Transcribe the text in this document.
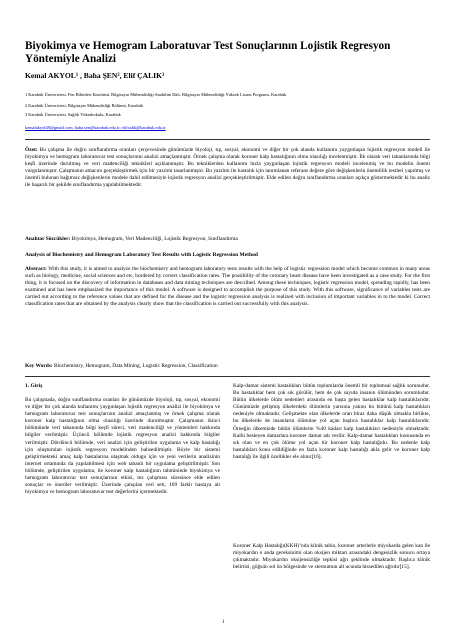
Biyokimya ve Hemogram Laboratuvar Test Sonuçlarının Lojistik Regresyon Yöntemiyle Analizi
Kemal AKYOL¹ , Baha ŞEN², Elif ÇALIK³
1 Karabük Üniversitesi, Fen Bilimleri Enstitüsü, Bilgisayar Mühendisliği Anabilim Dalı, Bilgisayar Mühendisliği Yüksek Lisans Programı, Karabük
2 Karabük Üniversitesi, Bilgisayar Mühendisliği Bölümü, Karabük
3 Karabük Üniversitesi, Sağlık Yüksekokulu, Karabük
kemalakyol48@gmail.com; baha.sen@karabuk.edu.tr; elifcalik@karabuk.edu.tr
Özet: Bu çalışma ile doğru sınıflandırma oranları çerçevesinde günümüzde biyoloji, tıp, sosyal, ekonomi ve diğer bir çok alanda kullanımı yaygınlaşan lojistik regresyon modeli ile biyokimya ve hemogram laboratuvar test sonuçlarının analizi amaçlanmıştır. Örnek çalışma olarak koroner kalp hastalığının olma olasılığı incelenmiştir. İlk olarak veri tabanlarında bilgi keşfi üzerinde durulmuş ve veri madenciliği teknikleri açıklanmıştır. Bu tekniklerden kullanımı hızla yaygınlaşan lojistik regresyon modeli incelenmiş ve bu modelin önemi vurgulanmıştır. Çalışmanın amacını gerçekleştirmek için bir yazılım tasarlanmıştır. Bu yazılım ile hastalık için tanımlanan referans değere göre değişkenlerin önemlilik testleri yapılmış ve önemli bulunan bağımsız değişkenlerin modele dahil edilmesiyle lojistik regresyon analizi gerçekleştirilmiştir. Elde edilen doğru sınıflandırma oranları açıkça göstermektedir ki bu analiz ile başarılı bir şekilde sınıflandırma yapılabilmektedir.
Anahtar Sözcükler: Biyokimya, Hemogram, Veri Madenciliği, Lojistik Regresyon, Sınıflandırma
Analysis of Biochemistry and Hemogram Laboratory Test Results with Logistic Regression Method
Abstract: With this study, it is aimed to analyze the biochemistry and hemogram laboratory tests results with the help of logistic regression model which become common in many areas such as biology, medicine, social sciences and etc, bordered by correct classification rates. The possibility of the coronary heart disease have been investigated as a case study. For the first thing, it is focused on the discovery of information in databases and data mining techniques are described. Among these techniques, logistic regression model, spreading rapidly, has been examined and has been emphasized the importance of this model. A software is designed to accomplish the purpose of this study. With this software, significance of variables tests are carried out according to the reference values that are defined for the disease and the logistic regression analysis is realized with inclusion of important variables in to the model. Correct classification rates that are obtained by the analysis clearly show that the classification is carried out successfully with this analysis.
Key Words: Biochemistry, Hemogram, Data Mining, Logistic Regression, Classification
1. Giriş
Bu çalışmada, doğru sınıflandırma oranları ile günümüzde biyoloji, tıp, sosyal, ekonomi ve diğer bir çok alanda kullanımı yaygınlaşan lojistik regresyon analizi ile biyokimya ve hemogram laboratuvar test sonuçlarının analizi amaçlanmış ve örnek çalışma olarak koroner kalp hastalığının olma olasılığı üzerinde durulmuştur. Çalışmanın ikinci bölümünde veri tabanında bilgi keşfi süreci, veri madenciliği ve yöntemleri hakkında bilgiler verilmiştir. Üçüncü bölümde lojistik regresyon analizi hakkında bilgiler verilmiştir. Dördüncü bölümde, veri analizi için geliştirilen uygulama ve kalp hastalığı için oluşturulan lojistik regresyon modelinden bahsedilmiştir. Böyle bir sistemi geliştirmekteki amaç kalp hastalarına ulaşmak oldugu için ve yeni verilerin analizinin internet ortamında da yapılabilmesi için web tabanlı bir uygulama geliştirilmiştir. Son bölümde, geliştirilen uygulama, ile koroner kalp hastalığının tahmininde biyokimya ve hemogram laboratuvar test sonuçlarının etkisi, tez çalışması süresince elde edilen sonuçlar ve öneriler verilmiştir. Üzerinde çalışılan veri seti, 169 farklı hastaya ait biyokimya ve hemogram laboratuvar test değerlerini içermektedir.
Kalp-damar sistemi hastalıkları bütün toplumlarda önemli bir toplumsal sağlık sorunudur. Bu hastalıklar hem çok sık görülür, hem de çok sayıda insanın ölümünden sorumludur. Bütün ülkelerde ölüm nedenleri arasında en başta gelen hastalıklar kalp hastalıklarıdır. Günümüzde gelişmiş ülkelerdeki ölümlerin yarısına yakını bu bütünü kalp hastalıkları nedeniyle olmaktadır. Gelişmekte olan ülkelerde oran biraz daha düşük olmakla birlikte, bu ülkelerde de insanların ölümüne yol açan başlıca hastalıklar kalp hastalıklarıdır. Örneğin ülkemizde bütün ölümlerin %40 kadarı kalp hastalıkları nedeniyle olmaktadır. Kalbi besleyen damarlara koroner damar adı verilir. Kalp-damar hastalıkları konusunda en sık olan ve en çok ölüme yol açan tür koroner kalp hastalığıdır. Bu nedenle kalp hastalıkları konu edildiğinde en fazla koroner kalp hastalığı akla gelir ve koroner kalp hastalığı ile ilgili özellikler ele alınır[16].
Koroner Kalp Hastalığı(KKH)’nda klinik tablo, koroner arterlerle miyokarda gelen kan ile miyokardın o anda gereksinimi olan oksijen miktarı arasındaki dengesizlik sonucu ortaya çıkmaktadır. Miyokardın oksijensizliğe tepkisi ağrı şeklinde olmaktadır. Başlıca klinik belirtisi, göğsün sol ön bölgesinde ve sternumun alt ucunda hissedilen ağrıdır[15].
1
